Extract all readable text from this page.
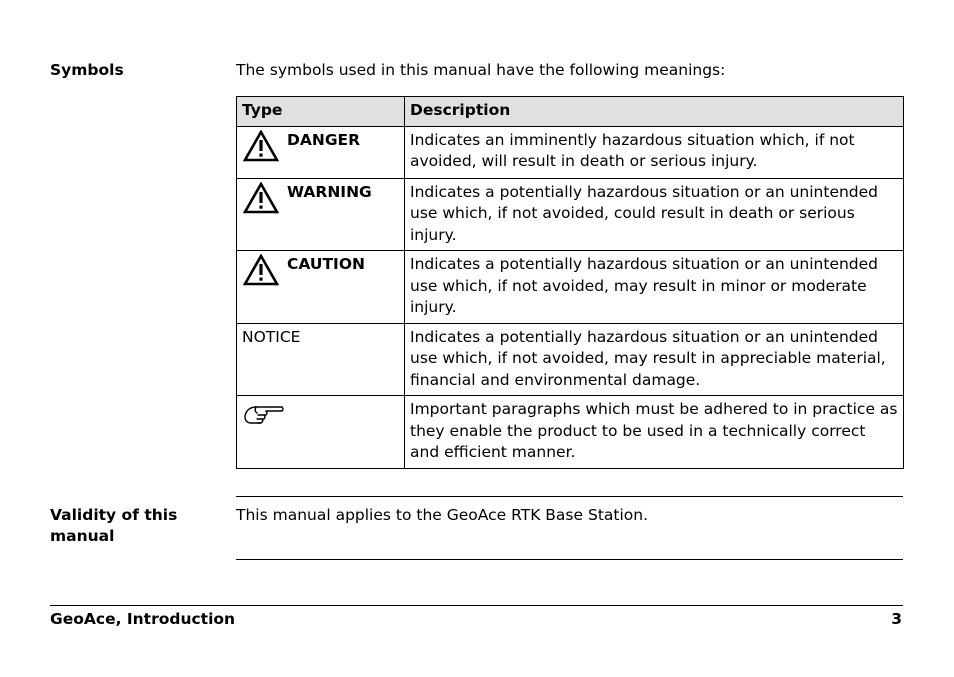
Symbols	The symbols used in this manual have the following meanings:
Type	Description

DANGER	Indicates an imminently hazardous situation which, if not avoided, will result in death or serious injury.

WARNING	Indicates a potentially hazardous situation or an unintended use which, if not avoided, could result in death or serious injury.

CAUTION	Indicates a potentially hazardous situation or an unintended use which, if not avoided, may result in minor or moderate injury.
NOTICE	Indicates a potentially hazardous situation or an unintended use which, if not avoided, may result in appreciable material, financial and environmental damage.

	Important paragraphs which must be adhered to in practice as they enable the product to be used in a technically correct and efficient manner.
Validity of this manual
This manual applies to the GeoAce RTK Base Station.
GeoAce, Introduction	3
